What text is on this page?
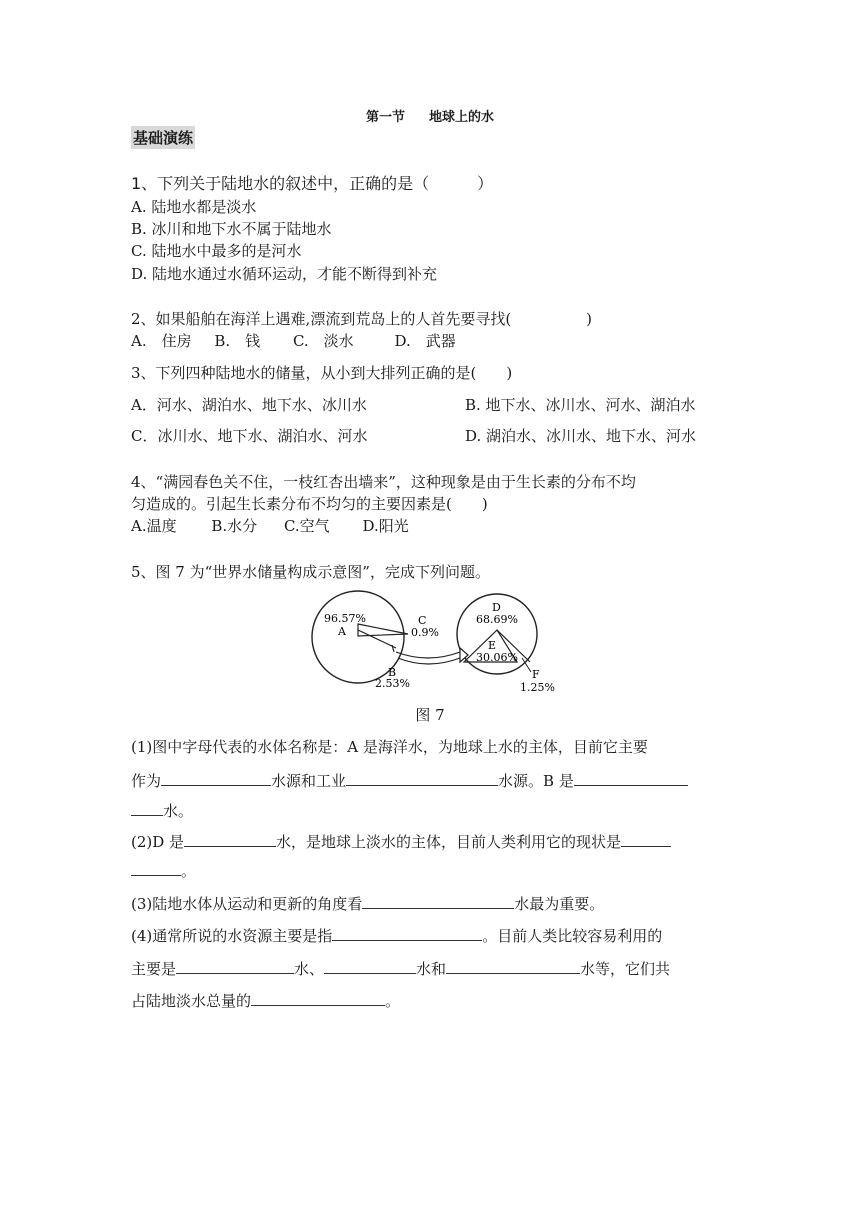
第一节 地球上的水
基础演练
1、下列关于陆地水的叙述中，正确的是（　　　）
A. 陆地水都是淡水
B. 冰川和地下水不属于陆地水
C. 陆地水中最多的是河水
D. 陆地水通过水循环运动，才能不断得到补充
2、如果船舶在海洋上遇难,漂流到荒岛上的人首先要寻找(　　　　　)
A.　住房 B.　钱 C.　淡水	D.　武器
3、下列四种陆地水的储量，从小到大排列正确的是(　　)
A．河水、湖泊水、地下水、冰川水	B. 地下水、冰川水、河水、湖泊水
C．冰川水、地下水、湖泊水、河水	D. 湖泊水、冰川水、地下水、河水
4、“满园春色关不住，一枝红杏出墙来”，这种现象是由于生长素的分布不均
匀造成的。引起生长素分布不均匀的主要因素是(　　)
A.温度 B.水分 C.空气 D.阳光
5、图 7 为“世界水储量构成示意图”，完成下列问题。
96.57%
A
C
0.9%
B
2.53%
D
68.69%
E
30.06%
F
1.25%
图 7
(1)图中字母代表的水体名称是：A 是海洋水，为地球上水的主体，目前它主要
作为	水源和工业	水源。B 是
水。
(2)D 是	水，是地球上淡水的主体，目前人类利用它的现状是
。
(3)陆地水体从运动和更新的角度看	水最为重要。
(4)通常所说的水资源主要是指	。目前人类比较容易利用的
主要是	水、	水和	水等，它们共
占陆地淡水总量的	。
